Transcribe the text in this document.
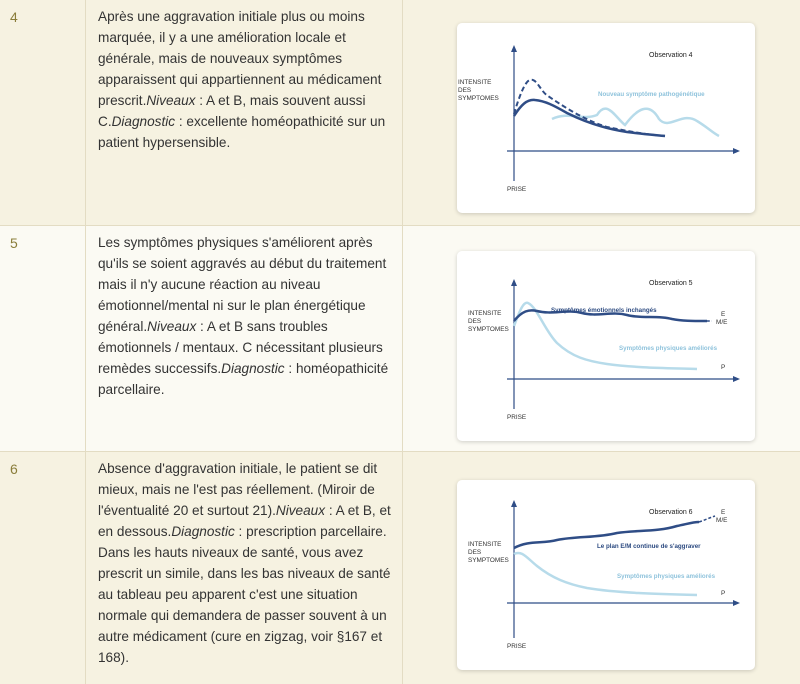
4	Après une aggravation initiale plus ou moins marquée, il y a une amélioration locale et générale, mais de nouveaux symptômes apparaissent qui appartiennent au médicament prescrit.Niveaux : A et B, mais souvent aussi C.Diagnostic : excellente homéopathicité sur un patient hypersensible.

Observation 4
INTENSITE
DES
SYMPTOMES
PRISE
Nouveau symptôme pathogénétique
5	Les symptômes physiques s'améliorent après qu'ils se soient aggravés au début du traitement mais il n'y aucune réaction au niveau émotionnel/mental ni sur le plan énergétique général.Niveaux : A et B sans troubles émotionnels / mentaux. C nécessitant plusieurs remèdes successifs.Diagnostic : homéopathicité parcellaire.

Observation 5
INTENSITE
DES
SYMPTOMES
PRISE
Symptômes émotionnels inchangés
Symptômes physiques améliorés
E
M/E
P
6	Absence d'aggravation initiale, le patient se dit mieux, mais ne l'est pas réellement. (Miroir de l'éventualité 20 et surtout 21).Niveaux : A et B, et en dessous.Diagnostic : prescription parcellaire. Dans les hauts niveaux de santé, vous avez prescrit un simile, dans les bas niveaux de santé au tableau peu apparent c'est une situation normale qui demandera de passer souvent à un autre médicament (cure en zigzag, voir §167 et 168).

Observation 6
INTENSITE
DES
SYMPTOMES
PRISE
Le plan E/M continue de s'aggraver
Symptômes physiques améliorés
E
M/E
P
